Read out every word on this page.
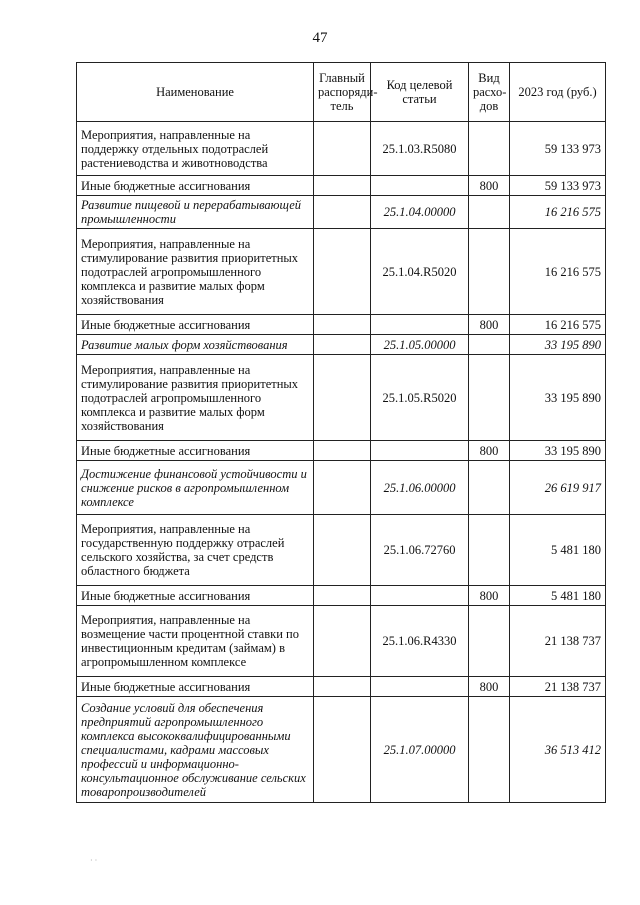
47
Наименование	Главный распорядитель	Код целевой статьи	Вид расходов	2023 год (руб.)
Мероприятия, направленные на поддержку отдельных подотраслей растениеводства и животноводства		25.1.03.R5080		59 133 973
Иные бюджетные ассигнования			800	59 133 973
Развитие пищевой и перерабатывающей промышленности		25.1.04.00000		16 216 575
Мероприятия, направленные на стимулирование развития приоритетных подотраслей агропромышленного комплекса и развитие малых форм хозяйствования		25.1.04.R5020		16 216 575
Иные бюджетные ассигнования			800	16 216 575
Развитие малых форм хозяйствования		25.1.05.00000		33 195 890
Мероприятия, направленные на стимулирование развития приоритетных подотраслей агропромышленного комплекса и развитие малых форм хозяйствования		25.1.05.R5020		33 195 890
Иные бюджетные ассигнования			800	33 195 890
Достижение финансовой устойчивости и снижение рисков в агропромышленном комплексе		25.1.06.00000		26 619 917
Мероприятия, направленные на государственную поддержку отраслей сельского хозяйства, за счет средств областного бюджета		25.1.06.72760		5 481 180
Иные бюджетные ассигнования			800	5 481 180
Мероприятия, направленные на возмещение части процентной ставки по инвестиционным кредитам (займам) в агропромышленном комплексе		25.1.06.R4330		21 138 737
Иные бюджетные ассигнования			800	21 138 737
Создание условий для обеспечения предприятий агропромышленного комплекса высококвалифицированными специалистами, кадрами массовых профессий и информационно-консультационное обслуживание сельских товаропроизводителей		25.1.07.00000		36 513 412
· ·
